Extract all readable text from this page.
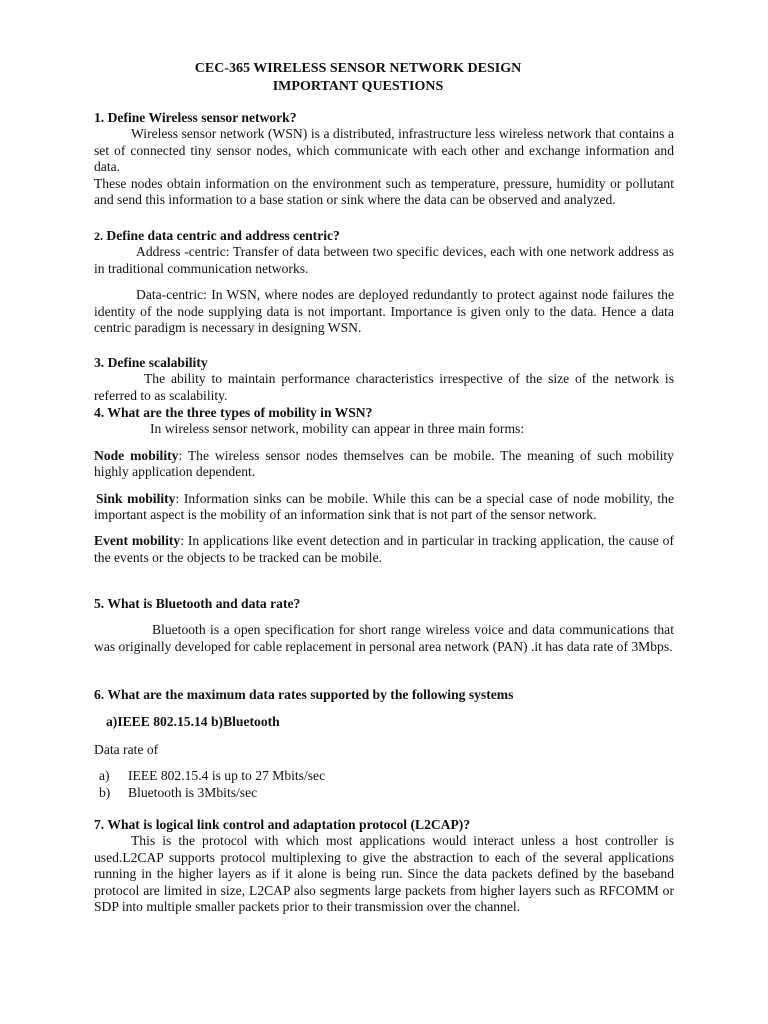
CEC-365 WIRELESS SENSOR NETWORK DESIGN
IMPORTANT QUESTIONS
1. Define Wireless sensor network?
Wireless sensor network (WSN) is a distributed, infrastructure less wireless network that contains a set of connected tiny sensor nodes, which communicate with each other and exchange information and data.
These nodes obtain information on the environment such as temperature, pressure, humidity or pollutant and send this information to a base station or sink where the data can be observed and analyzed.
2. Define data centric and address centric?
Address -centric: Transfer of data between two specific devices, each with one network address as in traditional communication networks.
Data-centric: In WSN, where nodes are deployed redundantly to protect against node failures the identity of the node supplying data is not important. Importance is given only to the data. Hence a data centric paradigm is necessary in designing WSN.
3. Define scalability
The ability to maintain performance characteristics irrespective of the size of the network is referred to as scalability.
4. What are the three types of mobility in WSN?
In wireless sensor network, mobility can appear in three main forms:
Node mobility: The wireless sensor nodes themselves can be mobile. The meaning of such mobility highly application dependent.
Sink mobility: Information sinks can be mobile. While this can be a special case of node mobility, the important aspect is the mobility of an information sink that is not part of the sensor network.
Event mobility: In applications like event detection and in particular in tracking application, the cause of the events or the objects to be tracked can be mobile.
5. What is Bluetooth and data rate?
Bluetooth is a open specification for short range wireless voice and data communications that was originally developed for cable replacement in personal area network (PAN) .it has data rate of 3Mbps.
6. What are the maximum data rates supported by the following systems
a)IEEE 802.15.14 b)Bluetooth
Data rate of
a)	IEEE 802.15.4 is up to 27 Mbits/sec
b)	Bluetooth is 3Mbits/sec
7. What is logical link control and adaptation protocol (L2CAP)?
This is the protocol with which most applications would interact unless a host controller is used.L2CAP supports protocol multiplexing to give the abstraction to each of the several applications running in the higher layers as if it alone is being run. Since the data packets defined by the baseband protocol are limited in size, L2CAP also segments large packets from higher layers such as RFCOMM or SDP into multiple smaller packets prior to their transmission over the channel.
